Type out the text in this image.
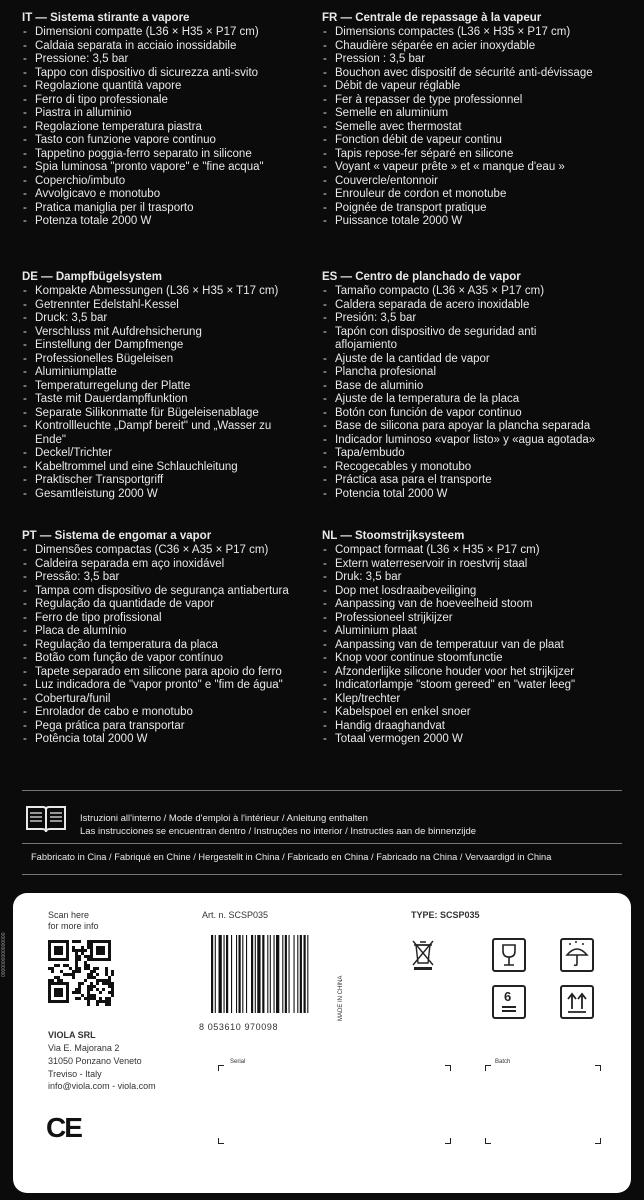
IT — Sistema stirante a vapore
- Dimensioni compatte (L36 × H35 × P17 cm)
- Caldaia separata in acciaio inossidabile
- Pressione: 3,5 bar
- Tappo con dispositivo di sicurezza anti-svito
- Regolazione quantità vapore
- Ferro di tipo professionale
- Piastra in alluminio
- Regolazione temperatura piastra
- Tasto con funzione vapore continuo
- Tappetino poggia-ferro separato in silicone
- Spia luminosa "pronto vapore" e "fine acqua"
- Coperchio/imbuto
- Avvolgicavo e monotubo
- Pratica maniglia per il trasporto
- Potenza totale 2000 W
FR — Centrale de repassage à la vapeur
- Dimensions compactes (L36 × H35 × P17 cm)
- Chaudière séparée en acier inoxydable
- Pression : 3,5 bar
- Bouchon avec dispositif de sécurité anti-dévissage
- Débit de vapeur réglable
- Fer à repasser de type professionnel
- Semelle en aluminium
- Semelle avec thermostat
- Fonction débit de vapeur continu
- Tapis repose-fer séparé en silicone
- Voyant « vapeur prête » et « manque d'eau »
- Couvercle/entonnoir
- Enrouleur de cordon et monotube
- Poignée de transport pratique
- Puissance totale 2000 W
DE — Dampfbügelsystem
- Kompakte Abmessungen (L36 × H35 × T17 cm)
- Getrennter Edelstahl-Kessel
- Druck: 3,5 bar
- Verschluss mit Aufdrehsicherung
- Einstellung der Dampfmenge
- Professionelles Bügeleisen
- Aluminiumplatte
- Temperaturregelung der Platte
- Taste mit Dauerdampffunktion
- Separate Silikonmatte für Bügeleisenablage
- Kontrollleuchte „Dampf bereit" und „Wasser zu Ende"
- Deckel/Trichter
- Kabeltrommel und eine Schlauchleitung
- Praktischer Transportgriff
- Gesamtleistung 2000 W
ES — Centro de planchado de vapor
- Tamaño compacto (L36 × A35 × P17 cm)
- Caldera separada de acero inoxidable
- Presión: 3,5 bar
- Tapón con dispositivo de seguridad anti aflojamiento
- Ajuste de la cantidad de vapor
- Plancha profesional
- Base de aluminio
- Ajuste de la temperatura de la placa
- Botón con función de vapor continuo
- Base de silicona para apoyar la plancha separada
- Indicador luminoso «vapor listo» y «agua agotada»
- Tapa/embudo
- Recogecables y monotubo
- Práctica asa para el transporte
- Potencia total 2000 W
PT — Sistema de engomar a vapor
- Dimensões compactas (C36 × A35 × P17 cm)
- Caldeira separada em aço inoxidável
- Pressão: 3,5 bar
- Tampa com dispositivo de segurança antiabertura
- Regulação da quantidade de vapor
- Ferro de tipo profissional
- Placa de alumínio
- Regulação da temperatura da placa
- Botão com função de vapor contínuo
- Tapete separado em silicone para apoio do ferro
- Luz indicadora de "vapor pronto" e "fim de água"
- Cobertura/funil
- Enrolador de cabo e monotubo
- Pega prática para transportar
- Potência total 2000 W
NL — Stoomstrijksysteem
- Compact formaat (L36 × H35 × P17 cm)
- Extern waterreservoir in roestvrij staal
- Druk: 3,5 bar
- Dop met losdraaibeveiliging
- Aanpassing van de hoeveelheid stoom
- Professioneel strijkijzer
- Aluminium plaat
- Aanpassing van de temperatuur van de plaat
- Knop voor continue stoomfunctie
- Afzonderlijke silicone houder voor het strijkijzer
- Indicatorlampje "stoom gereed" en "water leeg"
- Klep/trechter
- Kabelspoel en enkel snoer
- Handig draaghandvat
- Totaal vermogen 2000 W
Istruzioni all'interno / Mode d'emploi à l'intérieur / Anleitung enthalten
Las instrucciones se encuentran dentro / Instruções no interior / Instructies aan de binnenzijde
Fabbricato in Cina / Fabriqué en Chine / Hergestellt in China / Fabricado en China / Fabricado na China / Vervaardigd in China
0000000000000000
Scan here
for more info
VIOLA SRL
Via E. Majorana 2
31050 Ponzano Veneto
Treviso - Italy
info@viola.com - viola.com
CE
Art. n. SCSP035
8 053610 970098
MADE IN CHINA
TYPE: SCSP035
6
Serial	Batch
